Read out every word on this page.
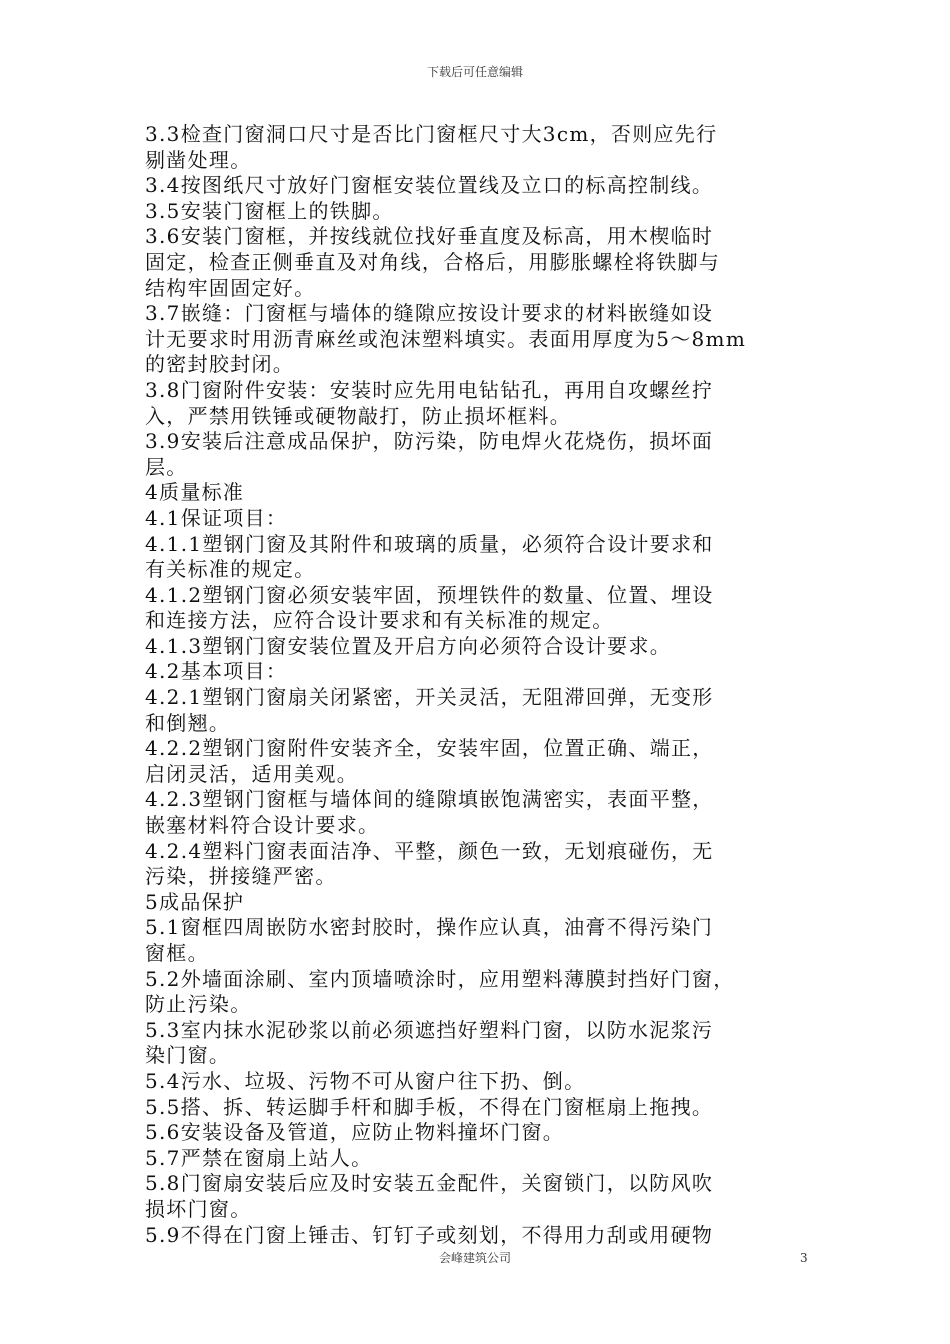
下载后可任意编辑
3.3检查门窗洞口尺寸是否比门窗框尺寸大3cm，否则应先行
剔凿处理。
3.4按图纸尺寸放好门窗框安装位置线及立口的标高控制线。
3.5安装门窗框上的铁脚。
3.6安装门窗框，并按线就位找好垂直度及标高，用木楔临时
固定，检查正侧垂直及对角线，合格后，用膨胀螺栓将铁脚与
结构牢固固定好。
3.7嵌缝：门窗框与墙体的缝隙应按设计要求的材料嵌缝如设
计无要求时用沥青麻丝或泡沫塑料填实。表面用厚度为5～8mm
的密封胶封闭。
3.8门窗附件安装：安装时应先用电钻钻孔，再用自攻螺丝拧
入，严禁用铁锤或硬物敲打，防止损坏框料。
3.9安装后注意成品保护，防污染，防电焊火花烧伤，损坏面
层。
4质量标准
4.1保证项目：
4.1.1塑钢门窗及其附件和玻璃的质量，必须符合设计要求和
有关标准的规定。
4.1.2塑钢门窗必须安装牢固，预埋铁件的数量、位置、埋设
和连接方法，应符合设计要求和有关标准的规定。
4.1.3塑钢门窗安装位置及开启方向必须符合设计要求。
4.2基本项目：
4.2.1塑钢门窗扇关闭紧密，开关灵活，无阻滞回弹，无变形
和倒翘。
4.2.2塑钢门窗附件安装齐全，安装牢固，位置正确、端正，
启闭灵活，适用美观。
4.2.3塑钢门窗框与墙体间的缝隙填嵌饱满密实，表面平整，
嵌塞材料符合设计要求。
4.2.4塑料门窗表面洁净、平整，颜色一致，无划痕碰伤，无
污染，拼接缝严密。
5成品保护
5.1窗框四周嵌防水密封胶时，操作应认真，油膏不得污染门
窗框。
5.2外墙面涂刷、室内顶墙喷涂时，应用塑料薄膜封挡好门窗，
防止污染。
5.3室内抹水泥砂浆以前必须遮挡好塑料门窗，以防水泥浆污
染门窗。
5.4污水、垃圾、污物不可从窗户往下扔、倒。
5.5搭、拆、转运脚手杆和脚手板，不得在门窗框扇上拖拽。
5.6安装设备及管道，应防止物料撞坏门窗。
5.7严禁在窗扇上站人。
5.8门窗扇安装后应及时安装五金配件，关窗锁门，以防风吹
损坏门窗。
5.9不得在门窗上锤击、钉钉子或刻划，不得用力刮或用硬物
会峰建筑公司	3
